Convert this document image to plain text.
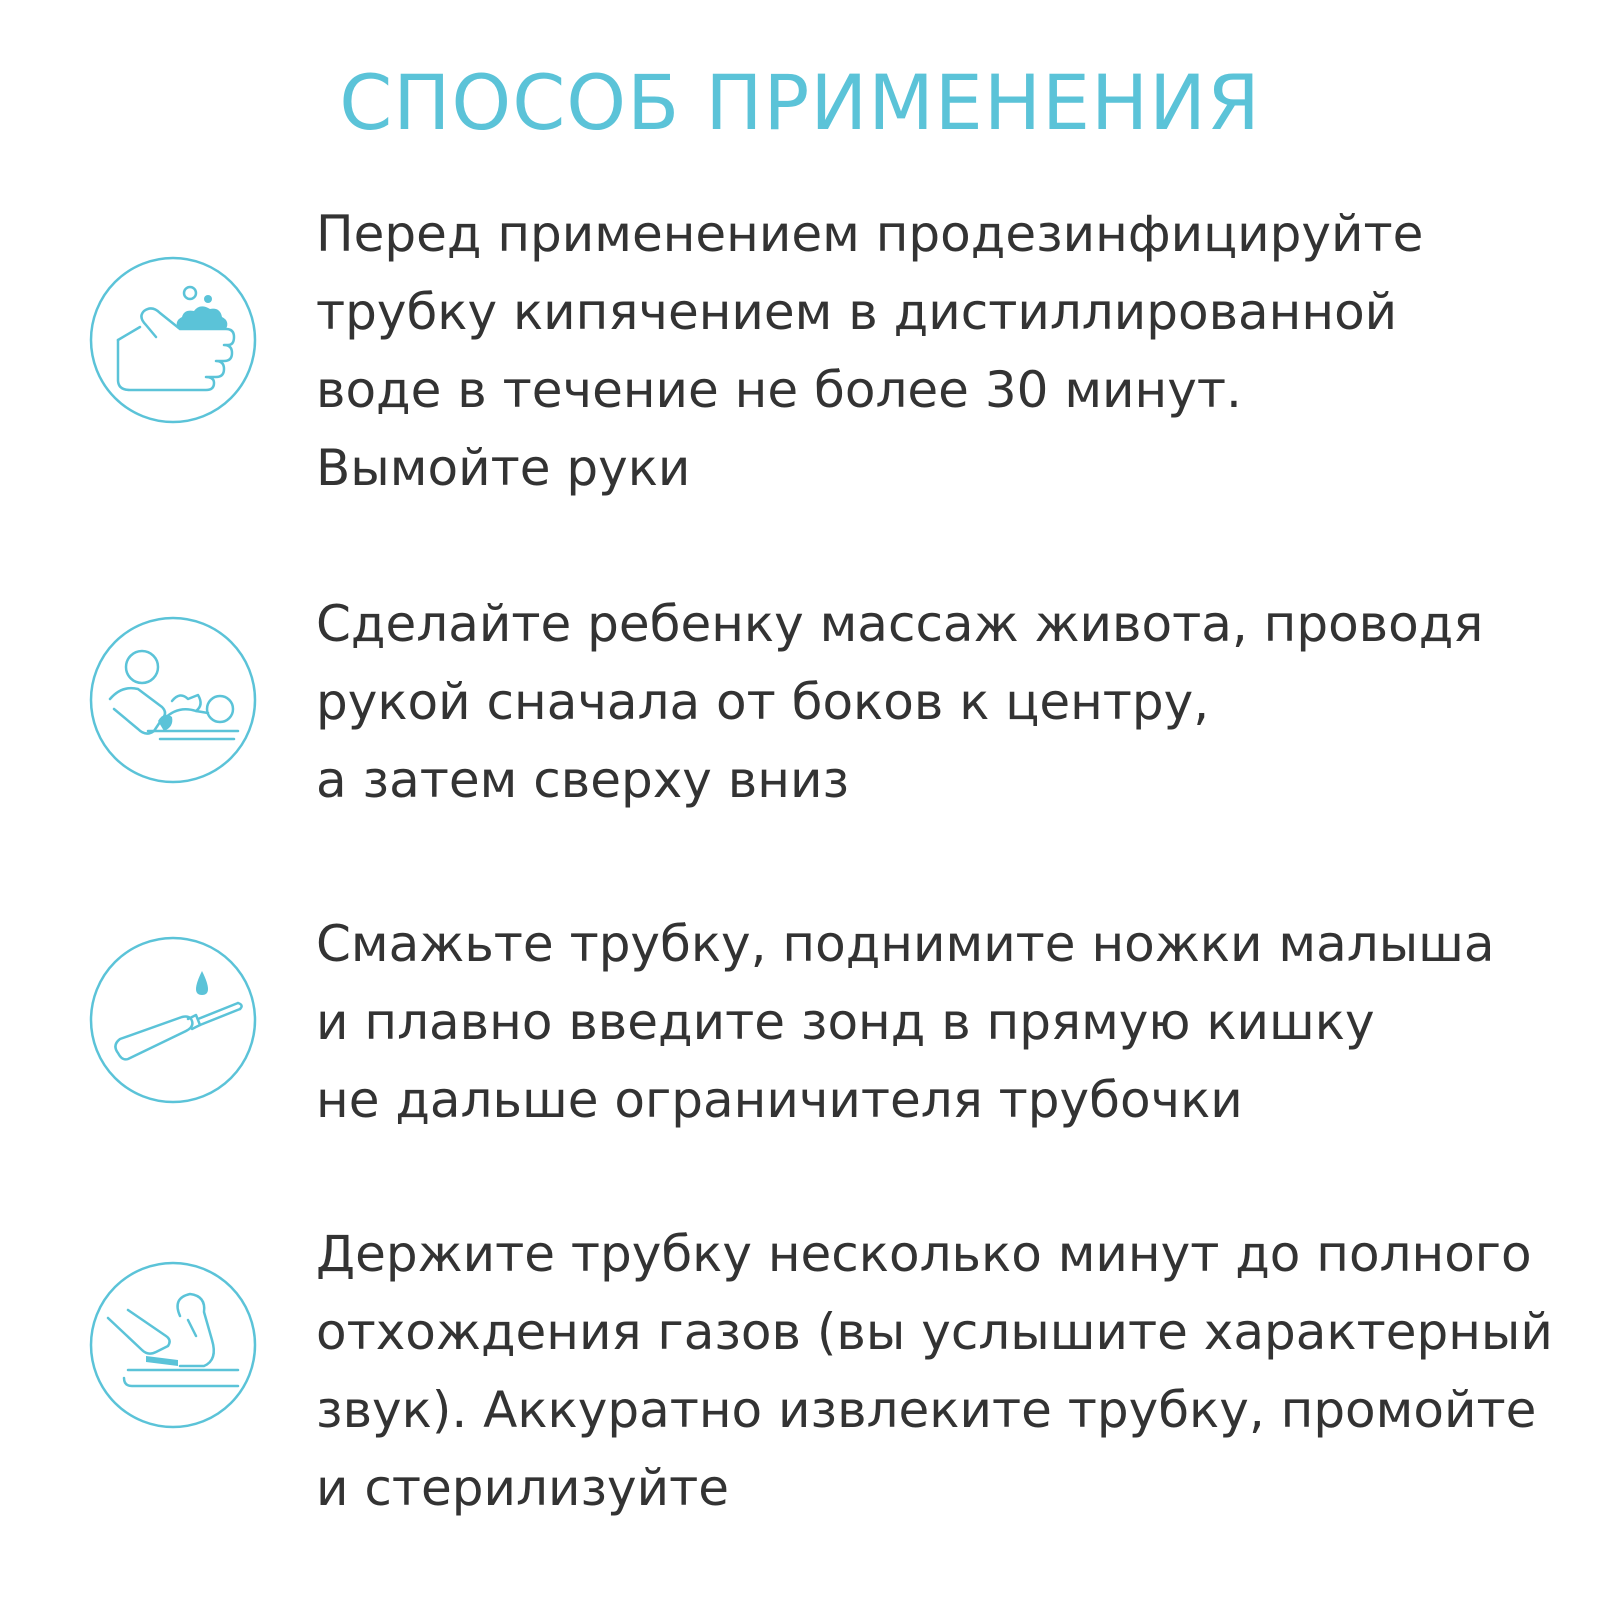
СПОСОБ ПРИМЕНЕНИЯ
Перед применением продезинфицируйте
трубку кипячением в дистиллированной
воде в течение не более 30 минут.
Вымойте руки
Сделайте ребенку массаж живота, проводя
рукой сначала от боков к центру,
а затем сверху вниз
Смажьте трубку, поднимите ножки малыша
и плавно введите зонд в прямую кишку
не дальше ограничителя трубочки
Держите трубку несколько минут до полного
отхождения газов (вы услышите характерный
звук). Аккуратно извлеките трубку, промойте
и стерилизуйте
